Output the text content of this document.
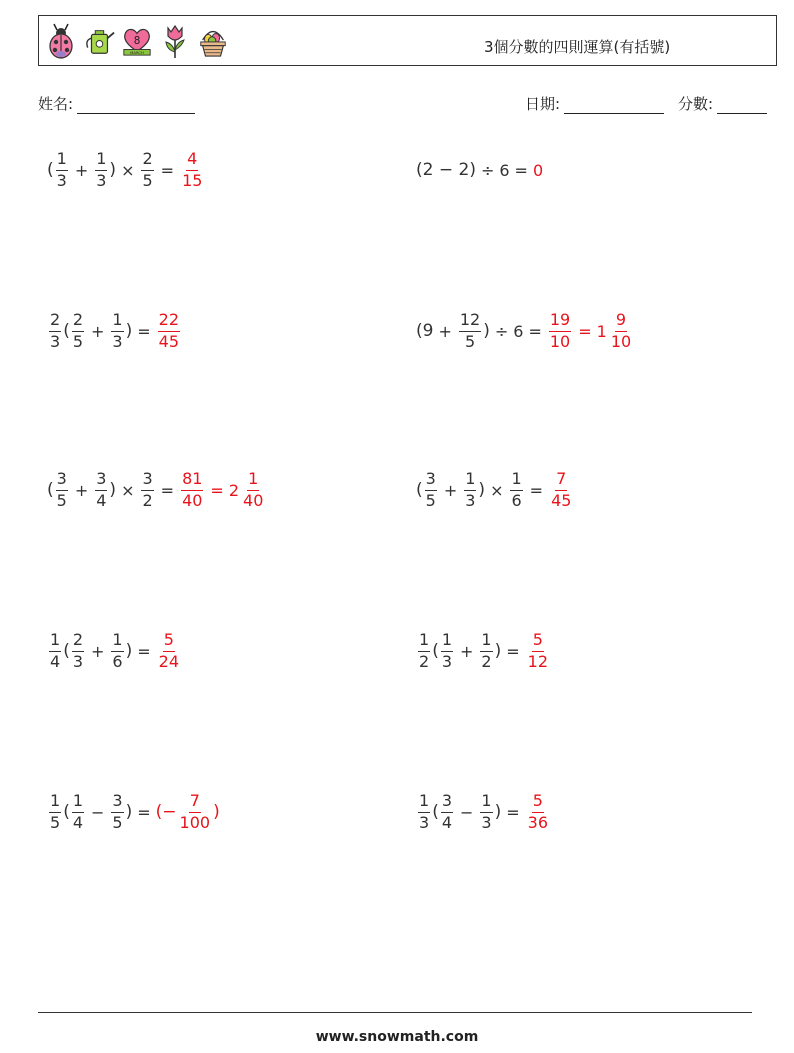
8
MARCH	3個分數的四則運算(有括號)
姓名:	日期:	分數:
( $\frac{1}{3} + \frac{1}{3}$ ) × $\frac{2}{5} = \frac{4}{15}$	(2 − 2) ÷ 6 = 0
$\frac{2}{3}$ ( $\frac{2}{5} + \frac{1}{3}$ ) = $\frac{22}{45}$	($9 + \frac{12}{5}$ ) ÷ $6 = \frac{19}{10} = 1 \frac{9}{10}$
( $\frac{3}{5} + \frac{3}{4}$ ) × $\frac{3}{2} = \frac{81}{40} = 2 \frac{1}{40}$	( $\frac{3}{5} + \frac{1}{3}$ ) × $\frac{1}{6} = \frac{7}{45}$
$\frac{1}{4}$ ( $\frac{2}{3} + \frac{1}{6}$ ) = $\frac{5}{24}$	$\frac{1}{2}$ ( $\frac{1}{3} + \frac{1}{2}$ ) = $\frac{5}{12}$
$\frac{1}{5}$ ( $\frac{1}{4} - \frac{3}{5}$ ) = (− $\frac{7}{100}$ )	$\frac{1}{3}$ ( $\frac{3}{4} - \frac{1}{3}$ ) = $\frac{5}{36}$
www.snowmath.com
